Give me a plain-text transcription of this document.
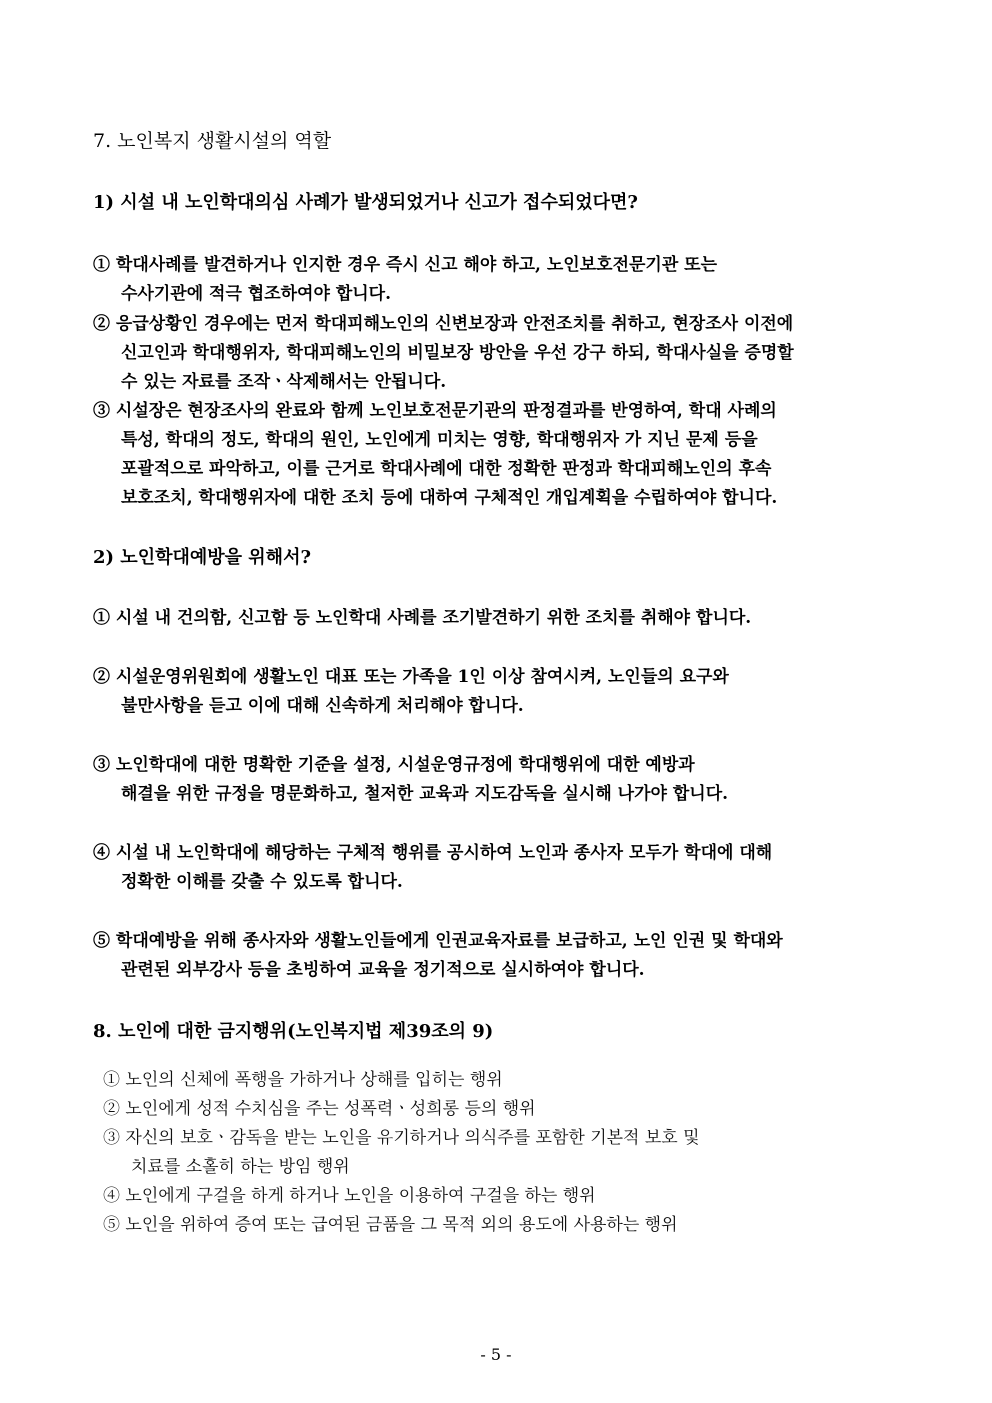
7. 노인복지 생활시설의 역할
1) 시설 내 노인학대의심 사례가 발생되었거나 신고가 접수되었다면?
① 학대사례를 발견하거나 인지한 경우 즉시 신고 해야 하고, 노인보호전문기관 또는
수사기관에 적극 협조하여야 합니다.
② 응급상황인 경우에는 먼저 학대피해노인의 신변보장과 안전조치를 취하고, 현장조사 이전에
신고인과 학대행위자, 학대피해노인의 비밀보장 방안을 우선 강구 하되, 학대사실을 증명할
수 있는 자료를 조작ㆍ삭제해서는 안됩니다.
③ 시설장은 현장조사의 완료와 함께 노인보호전문기관의 판정결과를 반영하여, 학대 사례의
특성, 학대의 정도, 학대의 원인, 노인에게 미치는 영향, 학대행위자 가 지닌 문제 등을
포괄적으로 파악하고, 이를 근거로 학대사례에 대한 정확한 판정과 학대피해노인의 후속
보호조치, 학대행위자에 대한 조치 등에 대하여 구체적인 개입계획을 수립하여야 합니다.
2) 노인학대예방을 위해서?
① 시설 내 건의함, 신고함 등 노인학대 사례를 조기발견하기 위한 조치를 취해야 합니다.
② 시설운영위원회에 생활노인 대표 또는 가족을 1인 이상 참여시켜, 노인들의 요구와
불만사항을 듣고 이에 대해 신속하게 처리해야 합니다.
③ 노인학대에 대한 명확한 기준을 설정, 시설운영규정에 학대행위에 대한 예방과
해결을 위한 규정을 명문화하고, 철저한 교육과 지도감독을 실시해 나가야 합니다.
④ 시설 내 노인학대에 해당하는 구체적 행위를 공시하여 노인과 종사자 모두가 학대에 대해
정확한 이해를 갖출 수 있도록 합니다.
⑤ 학대예방을 위해 종사자와 생활노인들에게 인권교육자료를 보급하고, 노인 인권 및 학대와
관련된 외부강사 등을 초빙하여 교육을 정기적으로 실시하여야 합니다.
8. 노인에 대한 금지행위(노인복지법 제39조의 9)
① 노인의 신체에 폭행을 가하거나 상해를 입히는 행위
② 노인에게 성적 수치심을 주는 성폭력ㆍ성희롱 등의 행위
③ 자신의 보호ㆍ감독을 받는 노인을 유기하거나 의식주를 포함한 기본적 보호 및
치료를 소홀히 하는 방임 행위
④ 노인에게 구걸을 하게 하거나 노인을 이용하여 구걸을 하는 행위
⑤ 노인을 위하여 증여 또는 급여된 금품을 그 목적 외의 용도에 사용하는 행위
- 5 -
